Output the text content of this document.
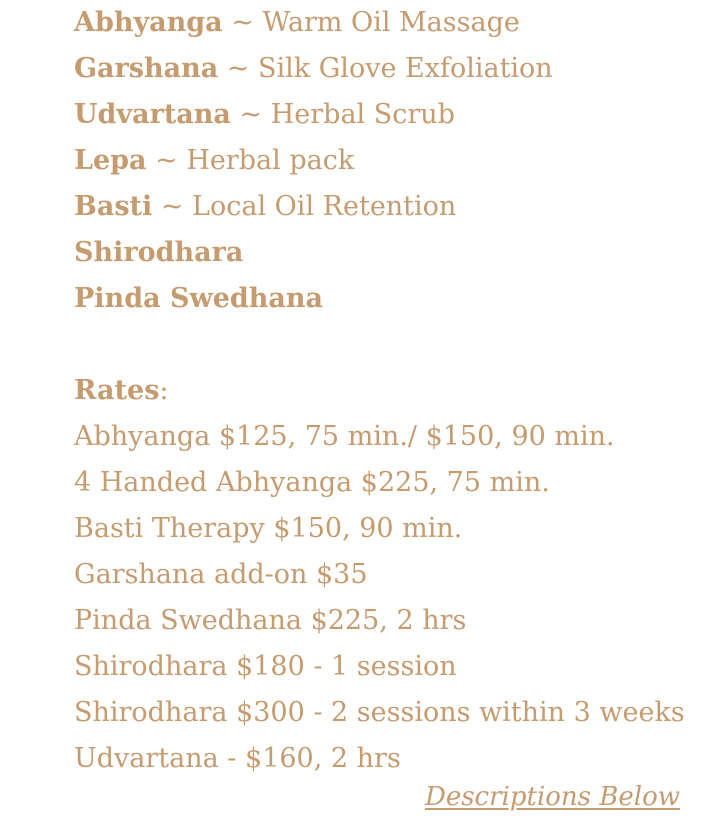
Abhyanga ~ Warm Oil Massage
Garshana ~ Silk Glove Exfoliation
Udvartana ~ Herbal Scrub
Lepa ~ Herbal pack
Basti ~ Local Oil Retention
Shirodhara
Pinda Swedhana
Rates:
Abhyanga $125, 75 min./ $150, 90 min.
4 Handed Abhyanga $225, 75 min.
Basti Therapy $150, 90 min.
Garshana add-on $35
Pinda Swedhana $225, 2 hrs
Shirodhara $180 - 1 session
Shirodhara $300 - 2 sessions within 3 weeks
Udvartana - $160, 2 hrs
Descriptions Below
